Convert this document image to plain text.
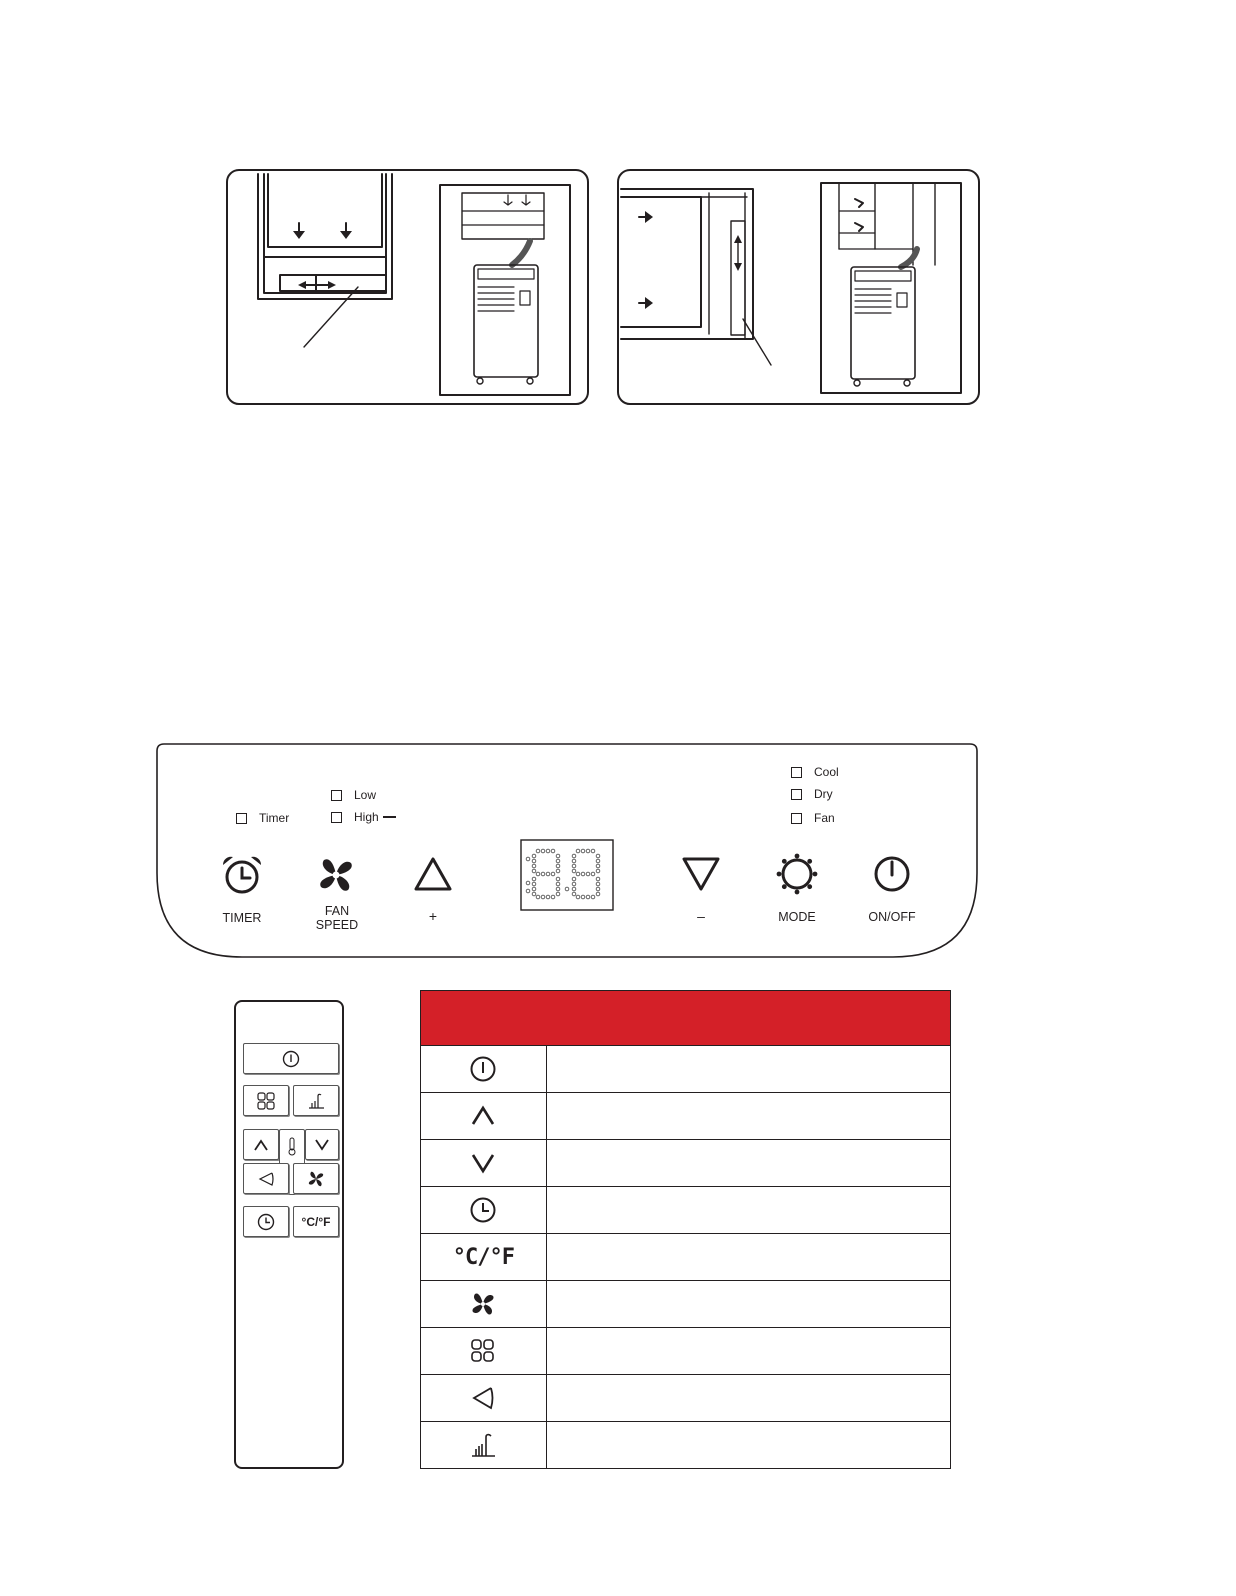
Timer
Low
High
Cool
Dry
Fan
TIMER	FAN
SPEED
+	–	MODE	ON/OFF
°C/°F

°C/°F	
